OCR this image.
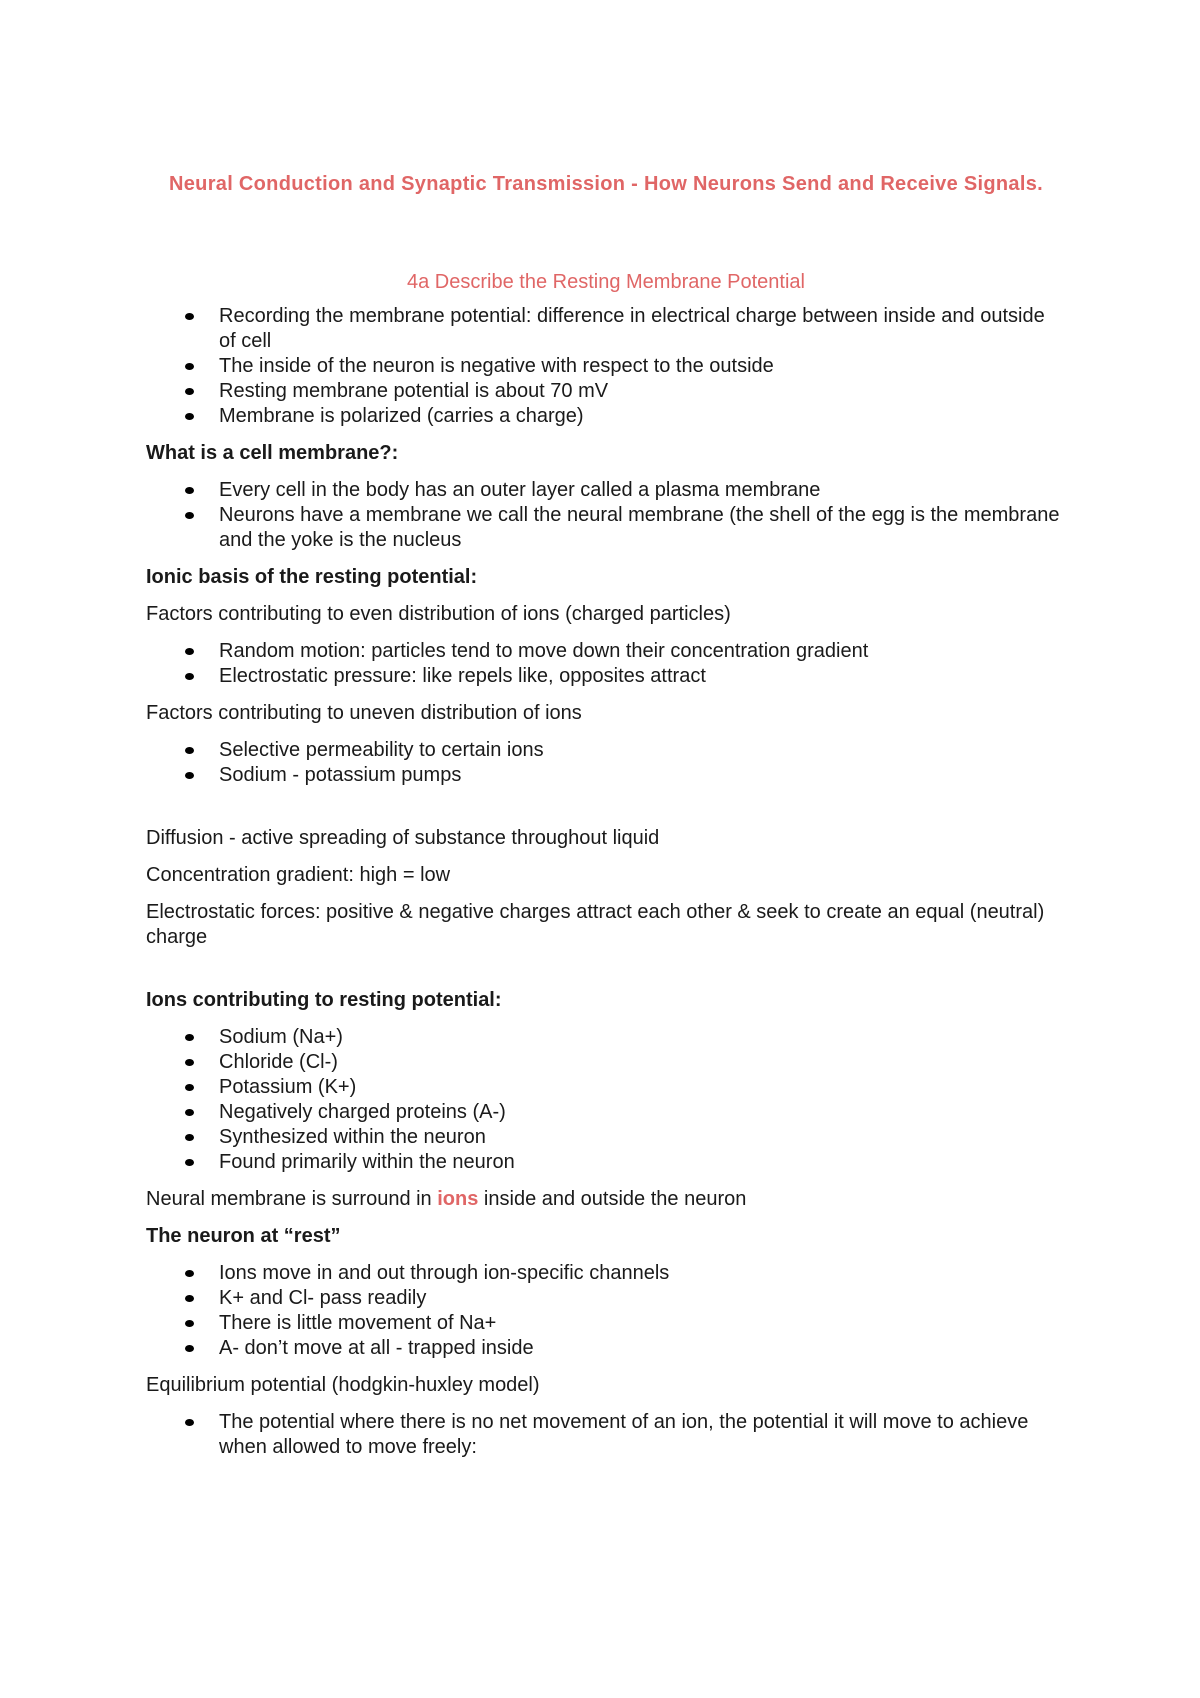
Neural Conduction and Synaptic Transmission - How Neurons Send and Receive Signals.
4a Describe the Resting Membrane Potential
Recording the membrane potential: difference in electrical charge between inside and outside of cell
The inside of the neuron is negative with respect to the outside
Resting membrane potential is about 70 mV
Membrane is polarized (carries a charge)
What is a cell membrane?:
Every cell in the body has an outer layer called a plasma membrane
Neurons have a membrane we call the neural membrane (the shell of the egg is the membrane and the yoke is the nucleus
Ionic basis of the resting potential:
Factors contributing to even distribution of ions (charged particles)
Random motion: particles tend to move down their concentration gradient
Electrostatic pressure: like repels like, opposites attract
Factors contributing to uneven distribution of ions
Selective permeability to certain ions
Sodium - potassium pumps
Diffusion - active spreading of substance throughout liquid
Concentration gradient: high = low
Electrostatic forces: positive & negative charges attract each other & seek to create an equal (neutral) charge
Ions contributing to resting potential:
Sodium (Na+)
Chloride (Cl-)
Potassium (K+)
Negatively charged proteins (A-)
Synthesized within the neuron
Found primarily within the neuron
Neural membrane is surround in ions inside and outside the neuron
The neuron at “rest”
Ions move in and out through ion-specific channels
K+ and Cl- pass readily
There is little movement of Na+
A- don’t move at all - trapped inside
Equilibrium potential (hodgkin-huxley model)
The potential where there is no net movement of an ion, the potential it will move to achieve when allowed to move freely:
